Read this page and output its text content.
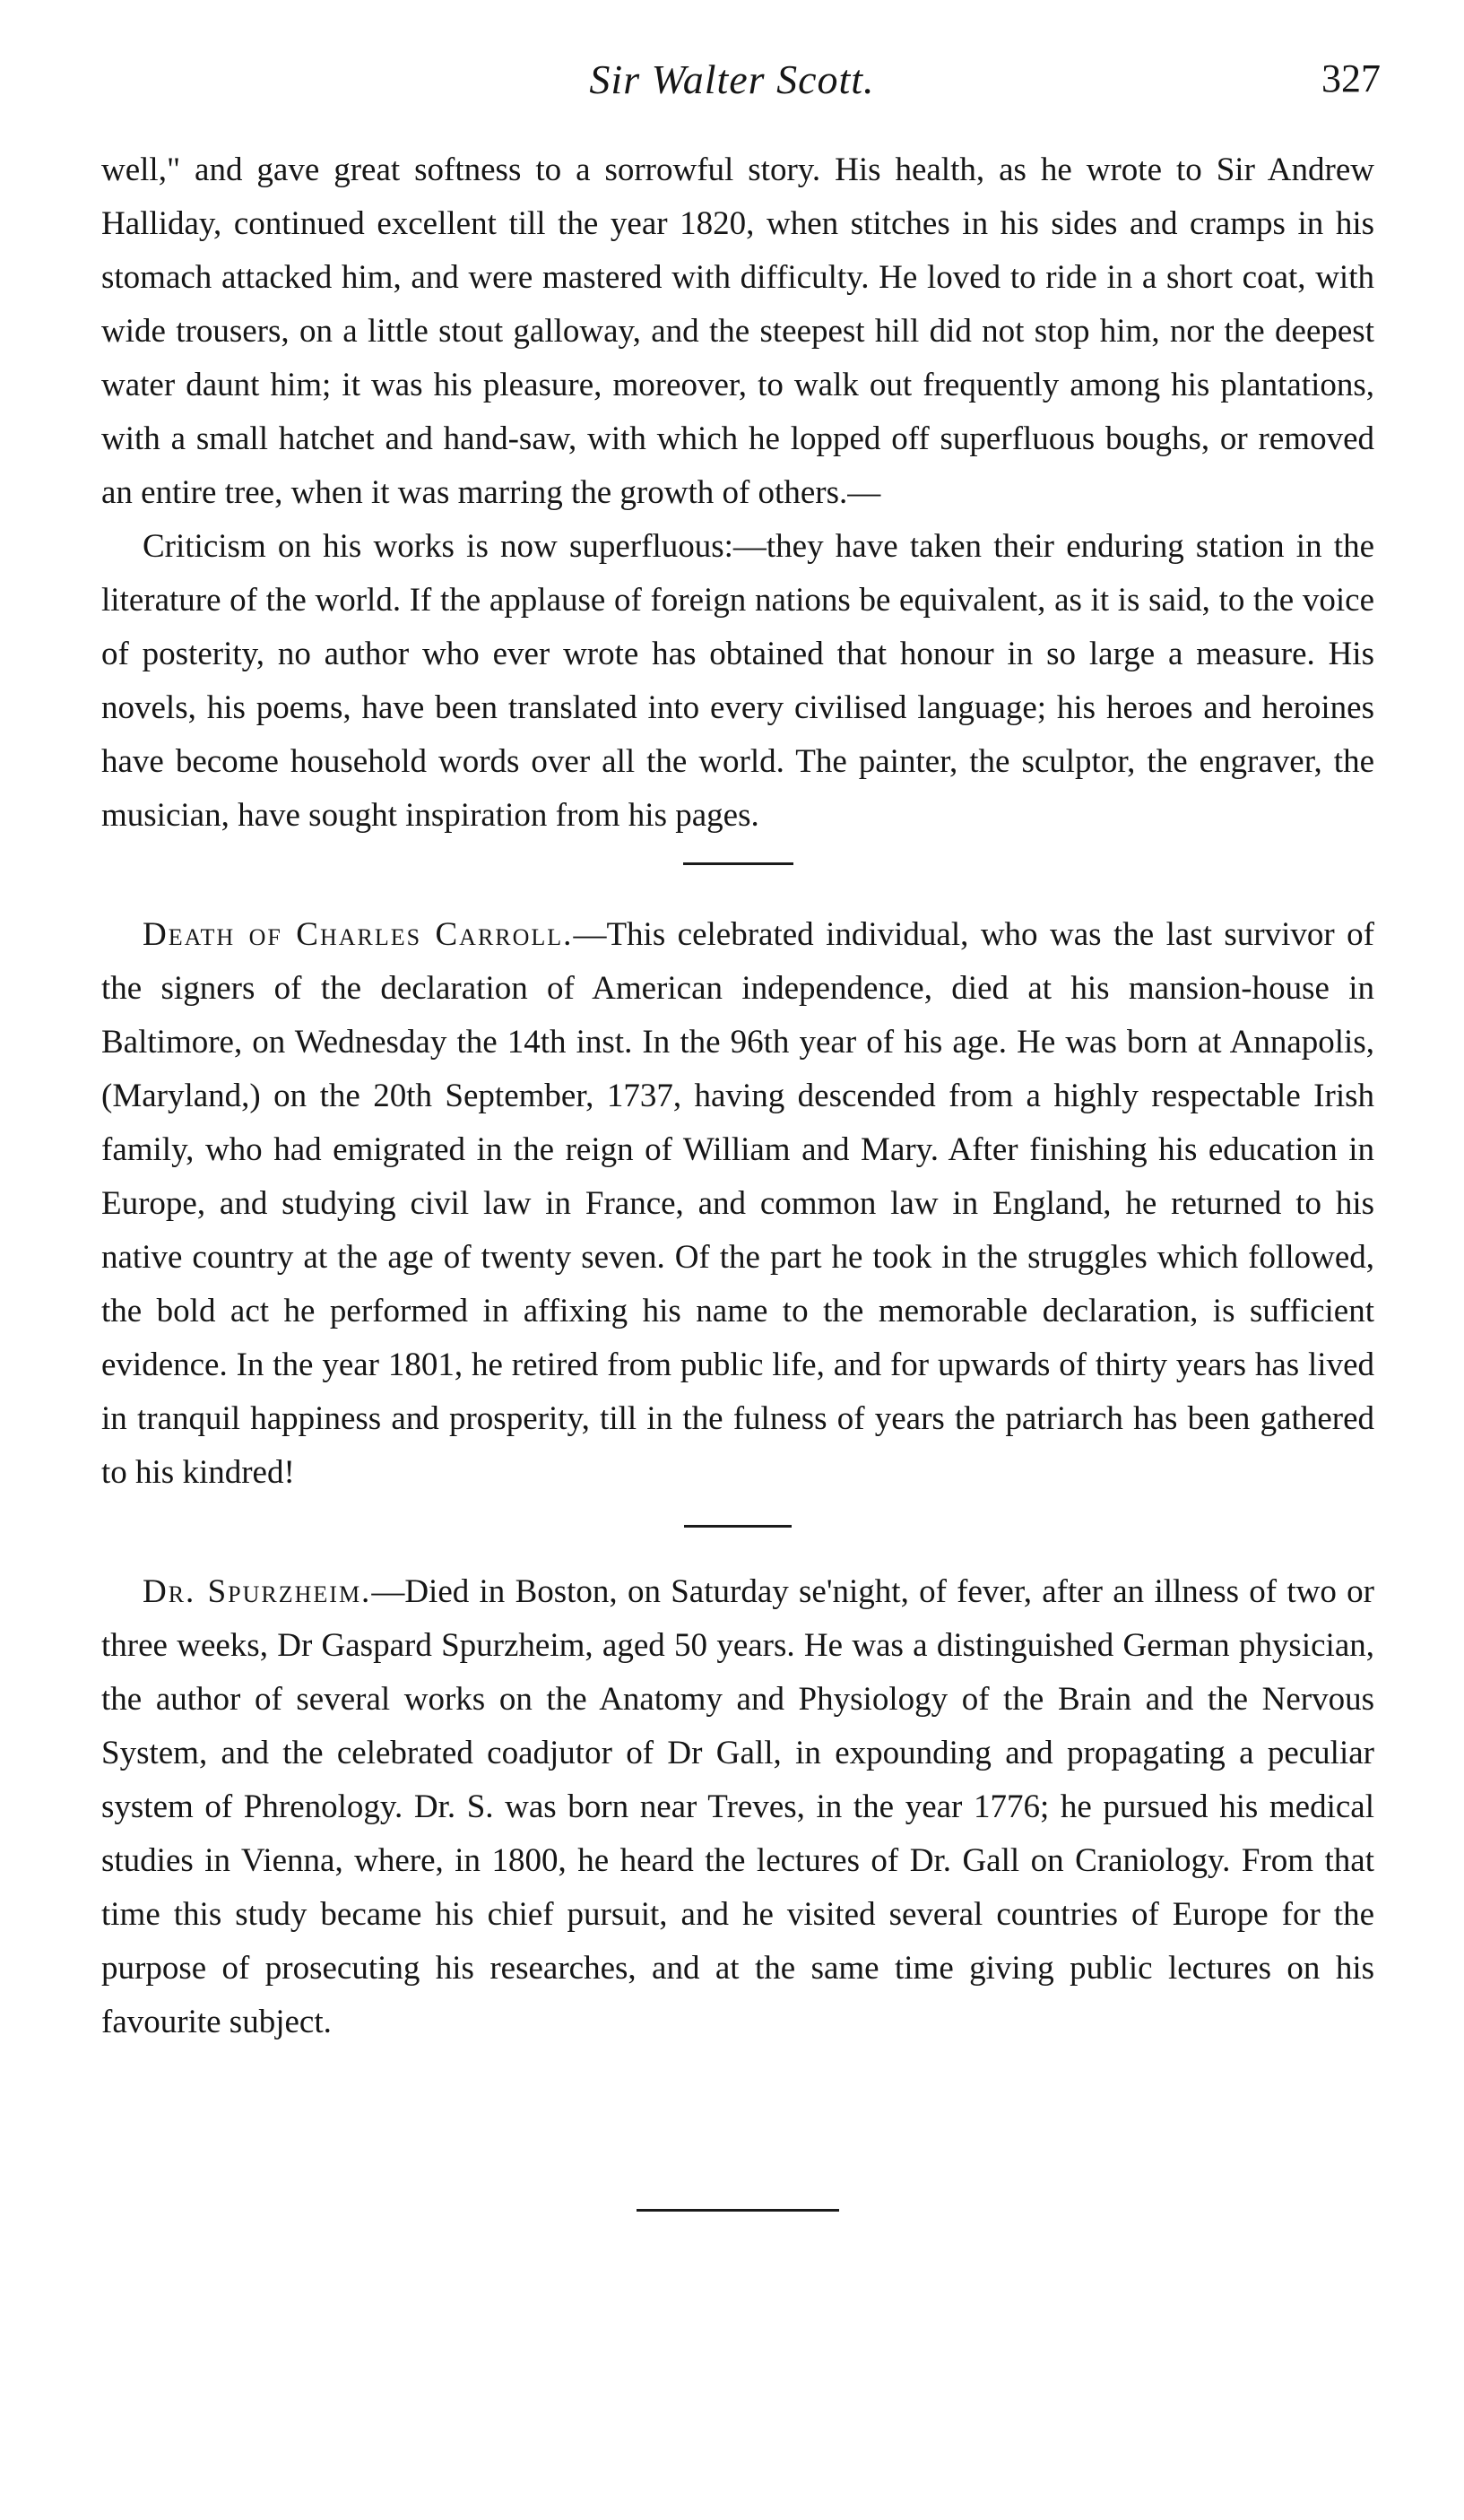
Sir Walter Scott.	327

well," and gave great softness to a sorrowful story. His health, as he wrote to Sir Andrew Halliday, continued excellent till the year 1820, when stitches in his sides and cramps in his stomach attacked him, and were mastered with difficulty. He loved to ride in a short coat, with wide trousers, on a little stout galloway, and the steepest hill did not stop him, nor the deepest water daunt him; it was his pleasure, moreover, to walk out frequently among his plantations, with a small hatchet and hand-saw, with which he lopped off superfluous boughs, or removed an entire tree, when it was marring the growth of others.—

Criticism on his works is now superfluous:—they have taken their enduring station in the literature of the world. If the applause of foreign nations be equivalent, as it is said, to the voice of posterity, no author who ever wrote has obtained that honour in so large a measure. His novels, his poems, have been translated into every civilised language; his heroes and heroines have become household words over all the world. The painter, the sculptor, the engraver, the musician, have sought inspiration from his pages.

Death of Charles Carroll.—This celebrated individual, who was the last survivor of the signers of the declaration of American independence, died at his mansion-house in Baltimore, on Wednesday the 14th inst. In the 96th year of his age. He was born at Annapolis, (Maryland,) on the 20th September, 1737, having descended from a highly respectable Irish family, who had emigrated in the reign of William and Mary. After finishing his education in Europe, and studying civil law in France, and common law in England, he returned to his native country at the age of twenty seven. Of the part he took in the struggles which followed, the bold act he performed in affixing his name to the memorable declaration, is sufficient evidence. In the year 1801, he retired from public life, and for upwards of thirty years has lived in tranquil happiness and prosperity, till in the fulness of years the patriarch has been gathered to his kindred!

Dr. Spurzheim.—Died in Boston, on Saturday se'night, of fever, after an illness of two or three weeks, Dr Gaspard Spurzheim, aged 50 years. He was a distinguished German physician, the author of several works on the Anatomy and Physiology of the Brain and the Nervous System, and the celebrated coadjutor of Dr Gall, in expounding and propagating a peculiar system of Phrenology. Dr. S. was born near Treves, in the year 1776; he pursued his medical studies in Vienna, where, in 1800, he heard the lectures of Dr. Gall on Craniology. From that time this study became his chief pursuit, and he visited several countries of Europe for the purpose of prosecuting his researches, and at the same time giving public lectures on his favourite subject.
